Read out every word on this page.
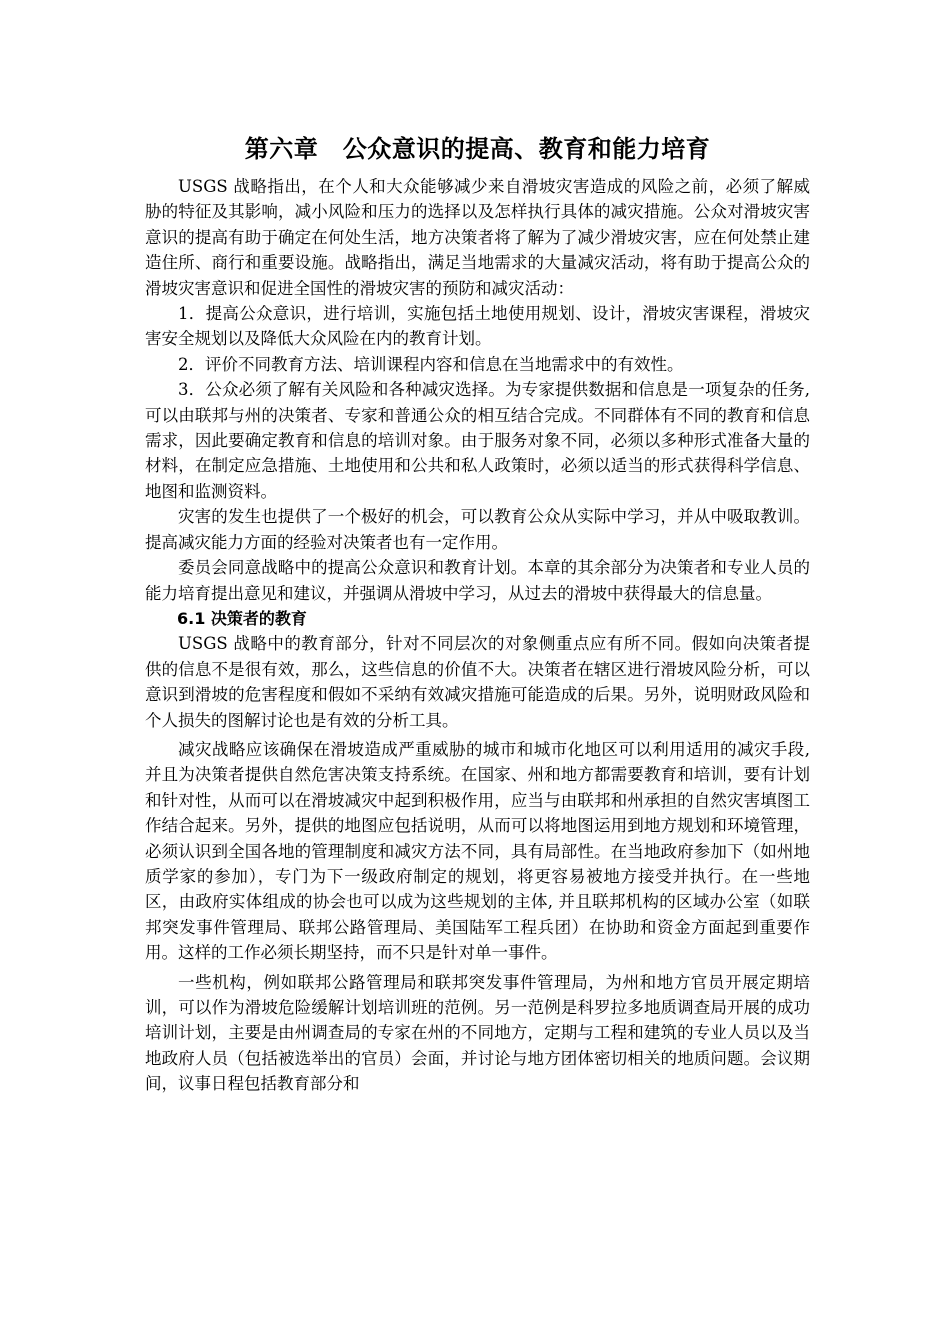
第六章　公众意识的提高、教育和能力培育

USGS 战略指出，在个人和大众能够减少来自滑坡灾害造成的风险之前，必须了解威胁的特征及其影响，减小风险和压力的选择以及怎样执行具体的减灾措施。公众对滑坡灾害意识的提高有助于确定在何处生活，地方决策者将了解为了减少滑坡灾害，应在何处禁止建造住所、商行和重要设施。战略指出，满足当地需求的大量减灾活动，将有助于提高公众的滑坡灾害意识和促进全国性的滑坡灾害的预防和减灾活动：

1．提高公众意识，进行培训，实施包括土地使用规划、设计，滑坡灾害课程，滑坡灾害安全规划以及降低大众风险在内的教育计划。

2．评价不同教育方法、培训课程内容和信息在当地需求中的有效性。

3．公众必须了解有关风险和各种减灾选择。为专家提供数据和信息是一项复杂的任务, 可以由联邦与州的决策者、专家和普通公众的相互结合完成。不同群体有不同的教育和信息需求，因此要确定教育和信息的培训对象。由于服务对象不同，必须以多种形式准备大量的材料，在制定应急措施、土地使用和公共和私人政策时，必须以适当的形式获得科学信息、地图和监测资料。

灾害的发生也提供了一个极好的机会，可以教育公众从实际中学习，并从中吸取教训。提高减灾能力方面的经验对决策者也有一定作用。

委员会同意战略中的提高公众意识和教育计划。本章的其余部分为决策者和专业人员的能力培育提出意见和建议，并强调从滑坡中学习，从过去的滑坡中获得最大的信息量。

6.1 决策者的教育

USGS 战略中的教育部分，针对不同层次的对象侧重点应有所不同。假如向决策者提供的信息不是很有效，那么，这些信息的价值不大。决策者在辖区进行滑坡风险分析，可以意识到滑坡的危害程度和假如不采纳有效减灾措施可能造成的后果。另外，说明财政风险和个人损失的图解讨论也是有效的分析工具。

减灾战略应该确保在滑坡造成严重威胁的城市和城市化地区可以利用适用的减灾手段, 并且为决策者提供自然危害决策支持系统。在国家、州和地方都需要教育和培训，要有计划和针对性，从而可以在滑坡减灾中起到积极作用，应当与由联邦和州承担的自然灾害填图工作结合起来。另外，提供的地图应包括说明，从而可以将地图运用到地方规划和环境管理，必须认识到全国各地的管理制度和减灾方法不同，具有局部性。在当地政府参加下（如州地质学家的参加），专门为下一级政府制定的规划，将更容易被地方接受并执行。在一些地区，由政府实体组成的协会也可以成为这些规划的主体, 并且联邦机构的区域办公室（如联邦突发事件管理局、联邦公路管理局、美国陆军工程兵团）在协助和资金方面起到重要作用。这样的工作必须长期坚持，而不只是针对单一事件。

一些机构，例如联邦公路管理局和联邦突发事件管理局，为州和地方官员开展定期培训，可以作为滑坡危险缓解计划培训班的范例。另一范例是科罗拉多地质调查局开展的成功培训计划，主要是由州调查局的专家在州的不同地方，定期与工程和建筑的专业人员以及当地政府人员（包括被选举出的官员）会面，并讨论与地方团体密切相关的地质问题。会议期间，议事日程包括教育部分和
